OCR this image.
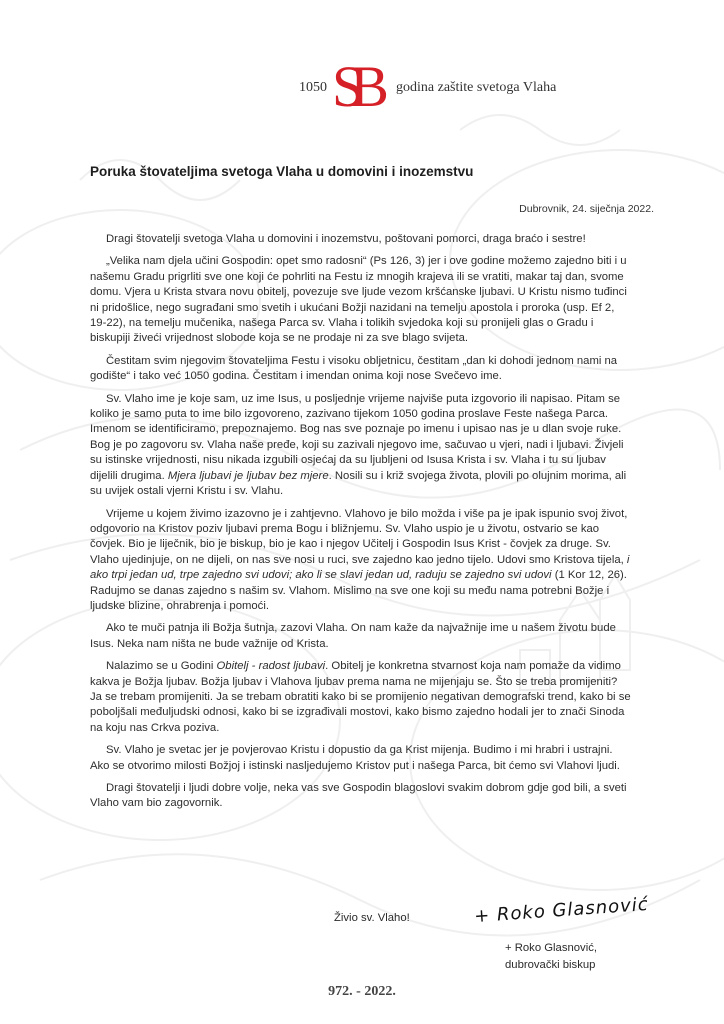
1050 SB	godina zaštite svetoga Vlaha
Poruka štovateljima svetoga Vlaha u domovini i inozemstvu

Dubrovnik, 24. siječnja 2022.

Dragi štovatelji svetoga Vlaha u domovini i inozemstvu, poštovani pomorci, draga braćo i sestre!

„Velika nam djela učini Gospodin: opet smo radosni“ (Ps 126, 3) jer i ove godine možemo zajedno biti i u našemu Gradu prigrliti sve one koji će pohrliti na Festu iz mnogih krajeva ili se vratiti, makar taj dan, svome domu. Vjera u Krista stvara novu obitelj, povezuje sve ljude vezom kršćanske ljubavi. U Kristu nismo tuđinci ni pridošlice, nego sugrađani smo svetih i ukućani Božji nazidani na temelju apostola i proroka (usp. Ef 2, 19-22), na temelju mučenika, našega Parca sv. Vlaha i tolikih svjedoka koji su pronijeli glas o Gradu i biskupiji živeći vrijednost slobode koja se ne prodaje ni za sve blago svijeta.

Čestitam svim njegovim štovateljima Festu i visoku obljetnicu, čestitam „dan ki dohodi jednom nami na godište“ i tako već 1050 godina. Čestitam i imendan onima koji nose Svečevo ime.

Sv. Vlaho ime je koje sam, uz ime Isus, u posljednje vrijeme najviše puta izgovorio ili napisao. Pitam se koliko je samo puta to ime bilo izgovoreno, zazivano tijekom 1050 godina proslave Feste našega Parca. Imenom se identificiramo, prepoznajemo. Bog nas sve poznaje po imenu i upisao nas je u dlan svoje ruke. Bog je po zagovoru sv. Vlaha naše pređe, koji su zazivali njegovo ime, sačuvao u vjeri, nadi i ljubavi. Živjeli su istinske vrijednosti, nisu nikada izgubili osjećaj da su ljubljeni od Isusa Krista i sv. Vlaha i tu su ljubav dijelili drugima. Mjera ljubavi je ljubav bez mjere. Nosili su i križ svojega života, plovili po olujnim morima, ali su uvijek ostali vjerni Kristu i sv. Vlahu.

Vrijeme u kojem živimo izazovno je i zahtjevno. Vlahovo je bilo možda i više pa je ipak ispunio svoj život, odgovorio na Kristov poziv ljubavi prema Bogu i bližnjemu. Sv. Vlaho uspio je u životu, ostvario se kao čovjek. Bio je liječnik, bio je biskup, bio je kao i njegov Učitelj i Gospodin Isus Krist - čovjek za druge. Sv. Vlaho ujedinjuje, on ne dijeli, on nas sve nosi u ruci, sve zajedno kao jedno tijelo. Udovi smo Kristova tijela, i ako trpi jedan ud, trpe zajedno svi udovi; ako li se slavi jedan ud, raduju se zajedno svi udovi (1 Kor 12, 26). Radujmo se danas zajedno s našim sv. Vlahom. Mislimo na sve one koji su među nama potrebni Božje i ljudske blizine, ohrabrenja i pomoći.

Ako te muči patnja ili Božja šutnja, zazovi Vlaha. On nam kaže da najvažnije ime u našem životu bude Isus. Neka nam ništa ne bude važnije od Krista.

Nalazimo se u Godini Obitelj - radost ljubavi. Obitelj je konkretna stvarnost koja nam pomaže da vidimo kakva je Božja ljubav. Božja ljubav i Vlahova ljubav prema nama ne mijenjaju se. Što se treba promijeniti? Ja se trebam promijeniti. Ja se trebam obratiti kako bi se promijenio negativan demografski trend, kako bi se poboljšali međuljudski odnosi, kako bi se izgrađivali mostovi, kako bismo zajedno hodali jer to znači Sinoda na koju nas Crkva poziva.

Sv. Vlaho je svetac jer je povjerovao Kristu i dopustio da ga Krist mijenja. Budimo i mi hrabri i ustrajni. Ako se otvorimo milosti Božjoj i istinski nasljedujemo Kristov put i našega Parca, bit ćemo svi Vlahovi ljudi.

Dragi štovatelji i ljudi dobre volje, neka vas sve Gospodin blagoslovi svakim dobrom gdje god bili, a sveti Vlaho vam bio zagovornik.

Živio sv. Vlaho!	+ Roko Glasnović
+ Roko Glasnović,
dubrovački biskup

972. - 2022.
